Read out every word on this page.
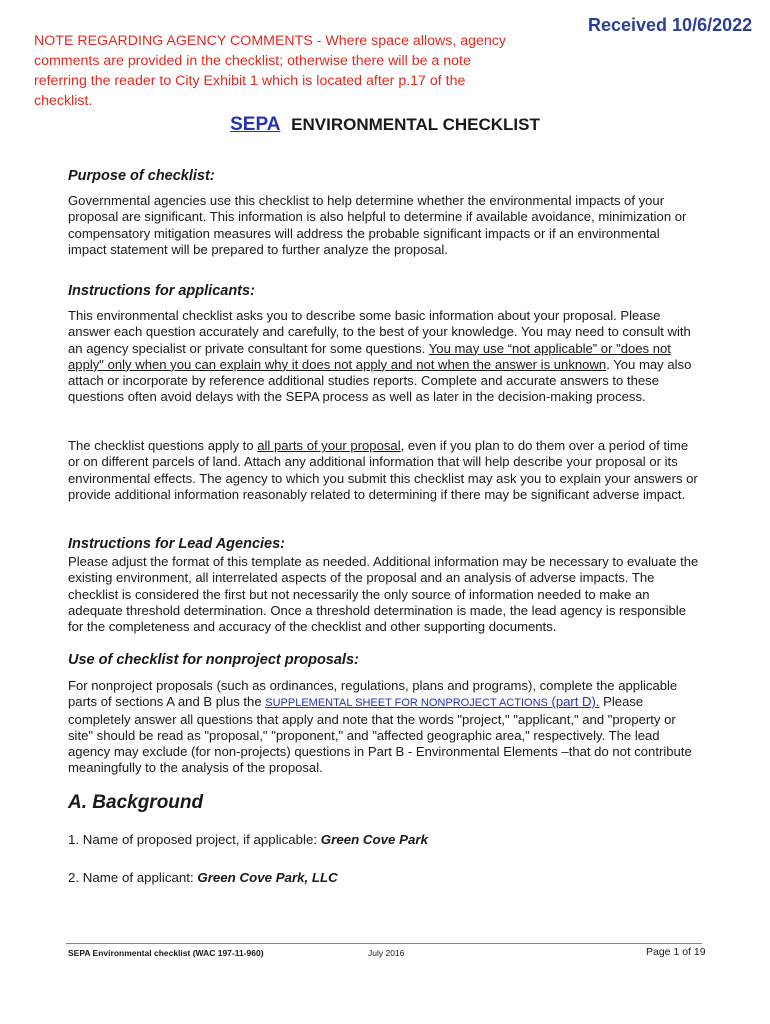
NOTE REGARDING AGENCY COMMENTS - Where space allows, agency
comments are provided in the checklist; otherwise there will be a note
referring the reader to City Exhibit 1 which is located after p.17 of the
checklist.
Received 10/6/2022
SEPA ENVIRONMENTAL CHECKLIST
Purpose of checklist:
Governmental agencies use this checklist to help determine whether the environmental impacts of your proposal are significant. This information is also helpful to determine if available avoidance, minimization or compensatory mitigation measures will address the probable significant impacts or if an environmental impact statement will be prepared to further analyze the proposal.
Instructions for applicants:
This environmental checklist asks you to describe some basic information about your proposal. Please answer each question accurately and carefully, to the best of your knowledge. You may need to consult with an agency specialist or private consultant for some questions. You may use “not applicable” or "does not apply" only when you can explain why it does not apply and not when the answer is unknown. You may also attach or incorporate by reference additional studies reports. Complete and accurate answers to these questions often avoid delays with the SEPA process as well as later in the decision-making process.
The checklist questions apply to all parts of your proposal, even if you plan to do them over a period of time or on different parcels of land. Attach any additional information that will help describe your proposal or its environmental effects. The agency to which you submit this checklist may ask you to explain your answers or provide additional information reasonably related to determining if there may be significant adverse impact.
Instructions for Lead Agencies:
Please adjust the format of this template as needed. Additional information may be necessary to evaluate the existing environment, all interrelated aspects of the proposal and an analysis of adverse impacts. The checklist is considered the first but not necessarily the only source of information needed to make an adequate threshold determination. Once a threshold determination is made, the lead agency is responsible for the completeness and accuracy of the checklist and other supporting documents.
Use of checklist for nonproject proposals:
For nonproject proposals (such as ordinances, regulations, plans and programs), complete the applicable parts of sections A and B plus the SUPPLEMENTAL SHEET FOR NONPROJECT ACTIONS (part D). Please completely answer all questions that apply and note that the words "project," "applicant," and "property or site" should be read as "proposal," "proponent," and "affected geographic area," respectively. The lead agency may exclude (for non-projects) questions in Part B - Environmental Elements –that do not contribute meaningfully to the analysis of the proposal.
A. Background
1. Name of proposed project, if applicable: Green Cove Park
2. Name of applicant: Green Cove Park, LLC
SEPA Environmental checklist (WAC 197-11-960)	July 2016	Page 1 of 19
